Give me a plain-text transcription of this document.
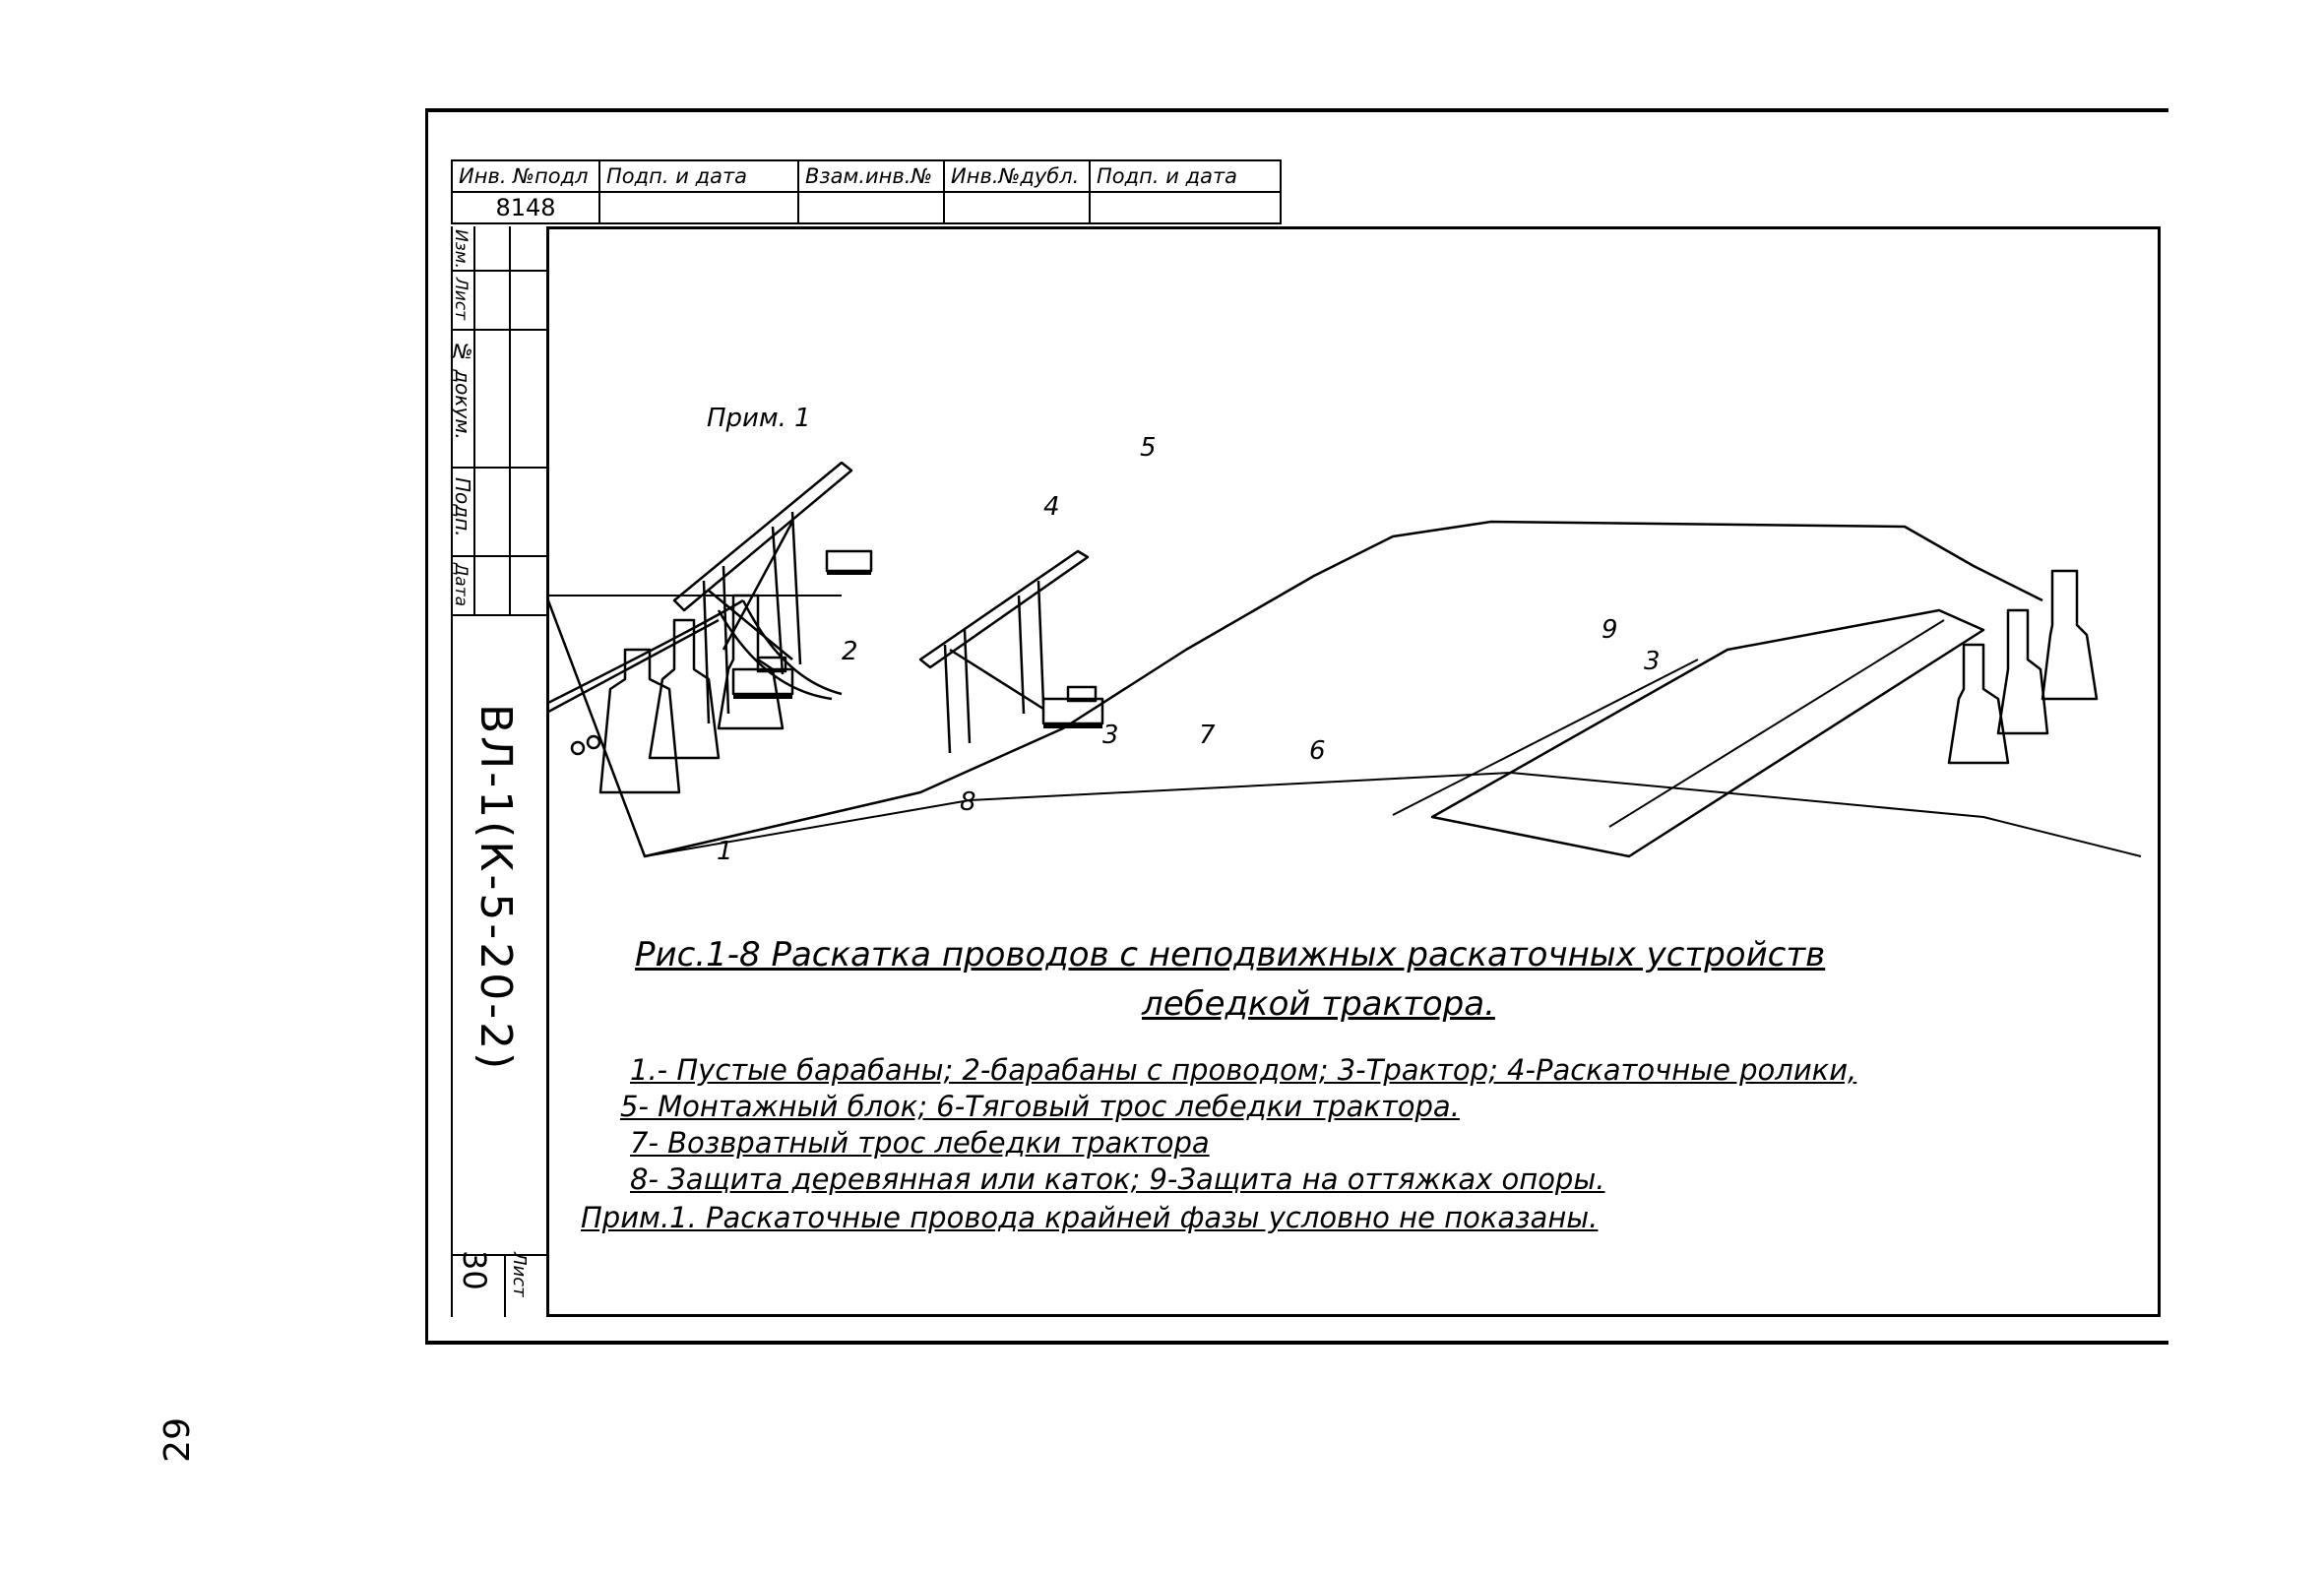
Инв. №подл	Подп. и дата	Взам.инв.№	Инв.№дубл.	Подп. и дата
8148				
Изм.
Лист
№ докум.
Подп.
Дата
ВЛ-1(К-5-20-2)
Лист
30
29
Прим. 1
1
2
3
3
4
5
6
7
8
9
Рис.1-8 Раскатка проводов с неподвижных раскаточных устройств
лебедкой трактора.
1.- Пустые барабаны; 2-барабаны с проводом; 3-Трактор; 4-Раскаточные ролики,
5- Монтажный блок; 6-Тяговый трос лебедки трактора.
7- Возвратный трос лебедки трактора
8- Защита деревянная или каток; 9-Защита на оттяжках опоры.
Прим.1. Раскаточные провода крайней фазы условно не показаны.
